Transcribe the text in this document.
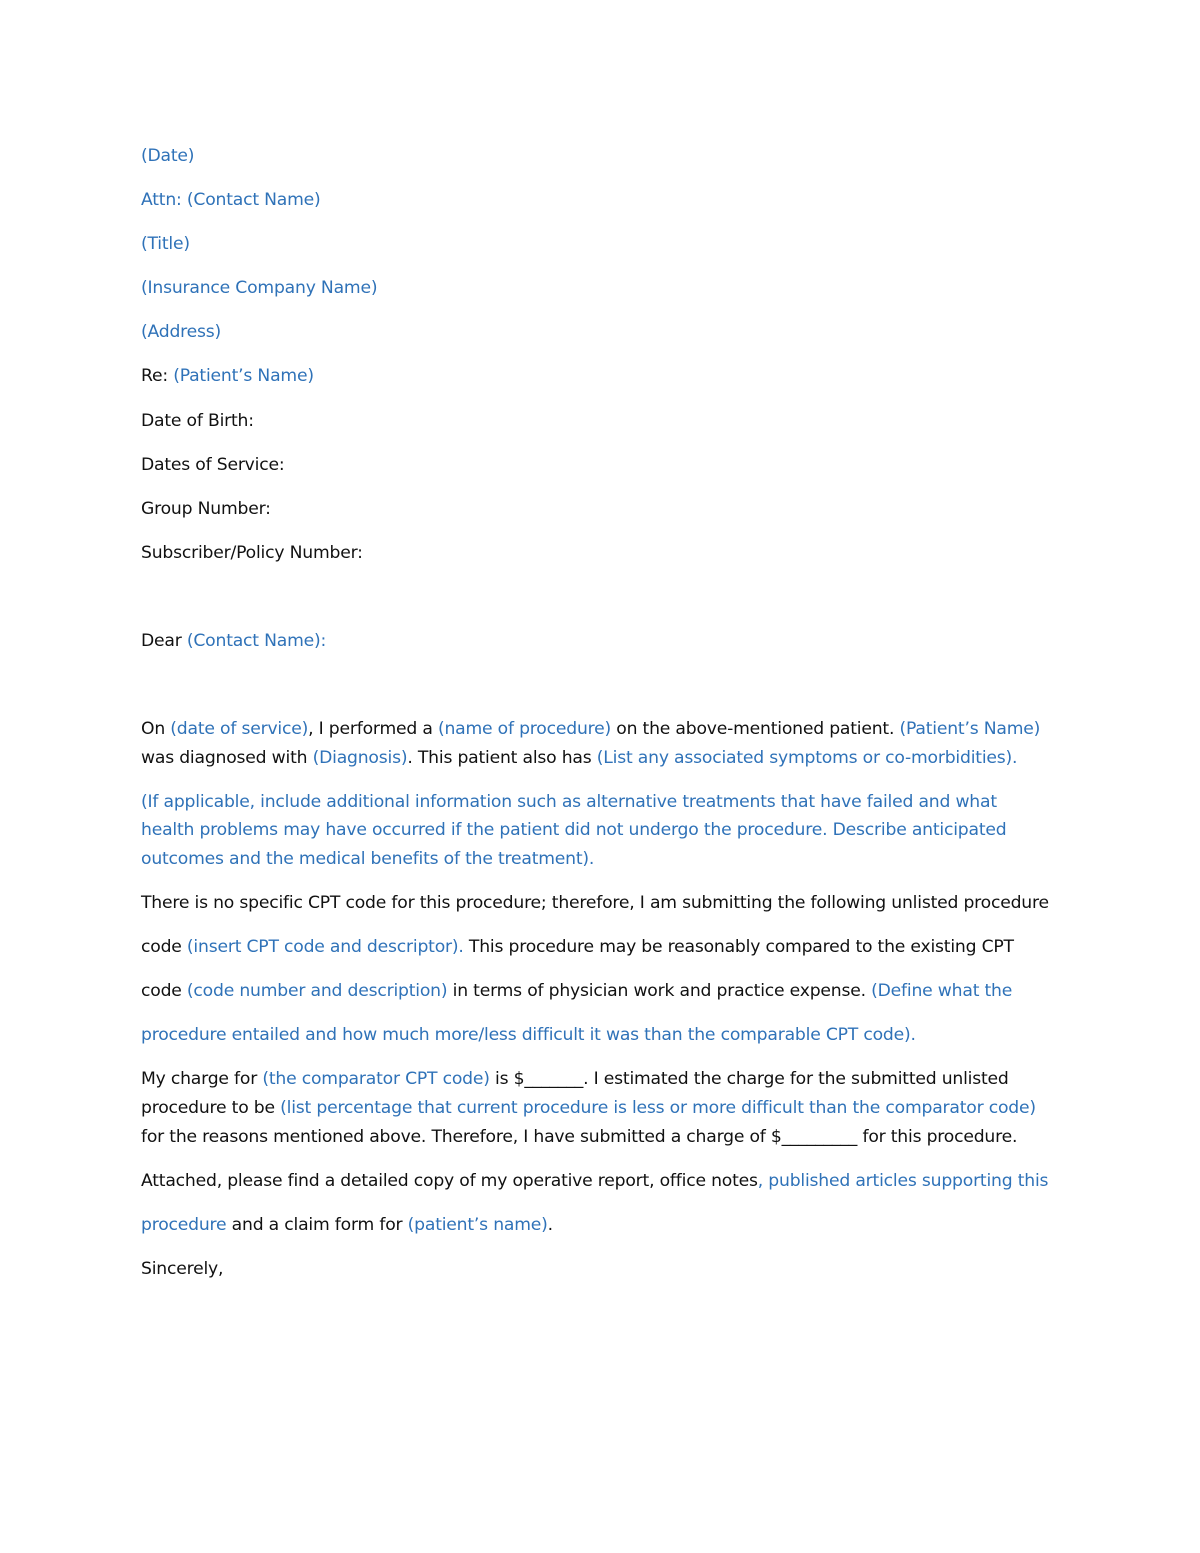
(Date)

Attn: (Contact Name)

(Title)

(Insurance Company Name)

(Address)

Re: (Patient’s Name)

Date of Birth:

Dates of Service:

Group Number:

Subscriber/Policy Number:

Dear (Contact Name):

On (date of service), I performed a (name of procedure) on the above-mentioned patient. (Patient’s Name) was diagnosed with (Diagnosis). This patient also has (List any associated symptoms or co-morbidities).

(If applicable, include additional information such as alternative treatments that have failed and what health problems may have occurred if the patient did not undergo the procedure. Describe anticipated outcomes and the medical benefits of the treatment).

There is no specific CPT code for this procedure; therefore, I am submitting the following unlisted procedure

code (insert CPT code and descriptor). This procedure may be reasonably compared to the existing CPT

code (code number and description) in terms of physician work and practice expense. (Define what the

procedure entailed and how much more/less difficult it was than the comparable CPT code).

My charge for (the comparator CPT code) is $_______. I estimated the charge for the submitted unlisted procedure to be (list percentage that current procedure is less or more difficult than the comparator code) for the reasons mentioned above. Therefore, I have submitted a charge of $_________ for this procedure.

Attached, please find a detailed copy of my operative report, office notes, published articles supporting this

procedure and a claim form for (patient’s name).

Sincerely,
